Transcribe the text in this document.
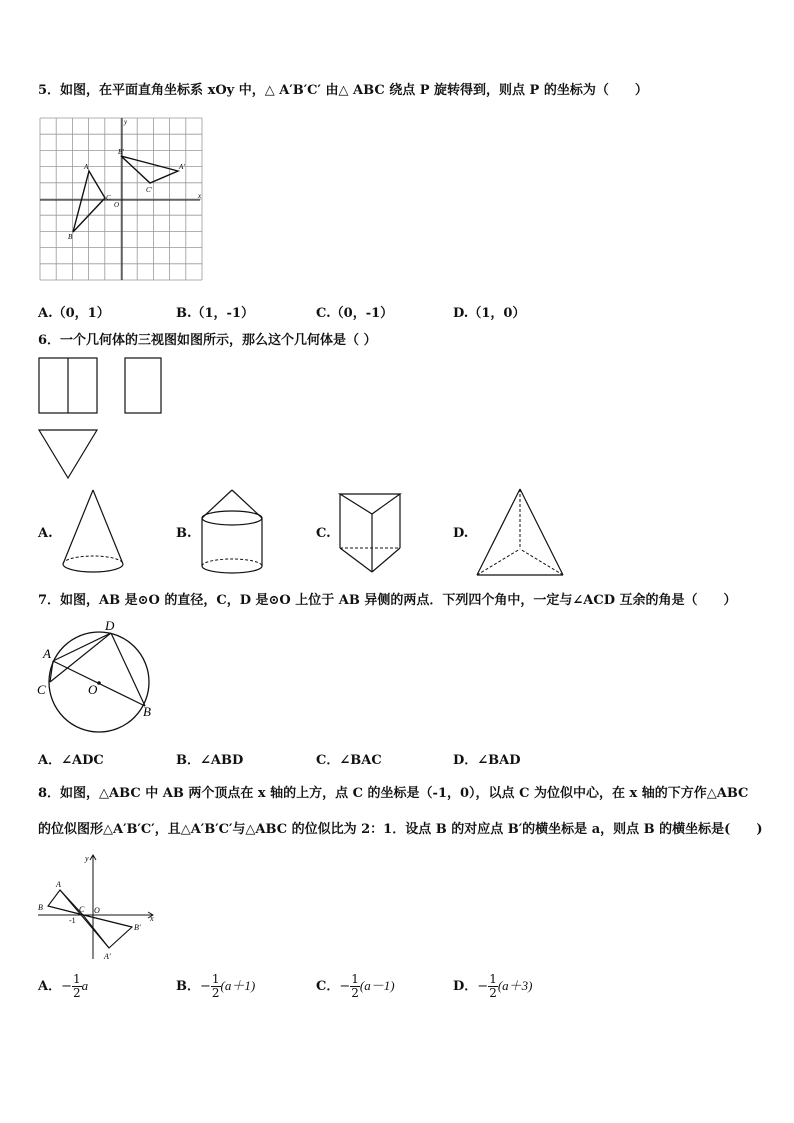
5．如图，在平面直角坐标系 xOy 中，△ A′B′C′ 由△ ABC 绕点 P 旋转得到，则点 P 的坐标为（　　）
A
B
C
O
A′
B′
C′
x
y
A.（0，1）	B.（1，-1）	C.（0，-1）	D.（1，0）
6．一个几何体的三视图如图所示，那么这个几何体是（ ）
A.	B.	C.	D.
7．如图，AB 是⊙O 的直径，C，D 是⊙O 上位于 AB 异侧的两点．下列四个角中，一定与∠ACD 互余的角是（　　）
A
B
C
D
O
A．∠ADC	B．∠ABD	C．∠BAC	D．∠BAD
8．如图，△ABC 中 AB 两个顶点在 x 轴的上方，点 C 的坐标是（-1，0），以点 C 为位似中心，在 x 轴的下方作△ABC
的位似图形△A′B′C′，且△A′B′C′与△ABC 的位似比为 2：1．设点 B 的对应点 B′的横坐标是 a，则点 B 的横坐标是(　　)
A
B	C O
-1
A′
B′
x
y
A．− $\frac{1}{2}$ a	B．− $\frac{1}{2} (a+1)$	C．− $\frac{1}{2} (a-1)$	D．− $\frac{1}{2} (a+3)$
